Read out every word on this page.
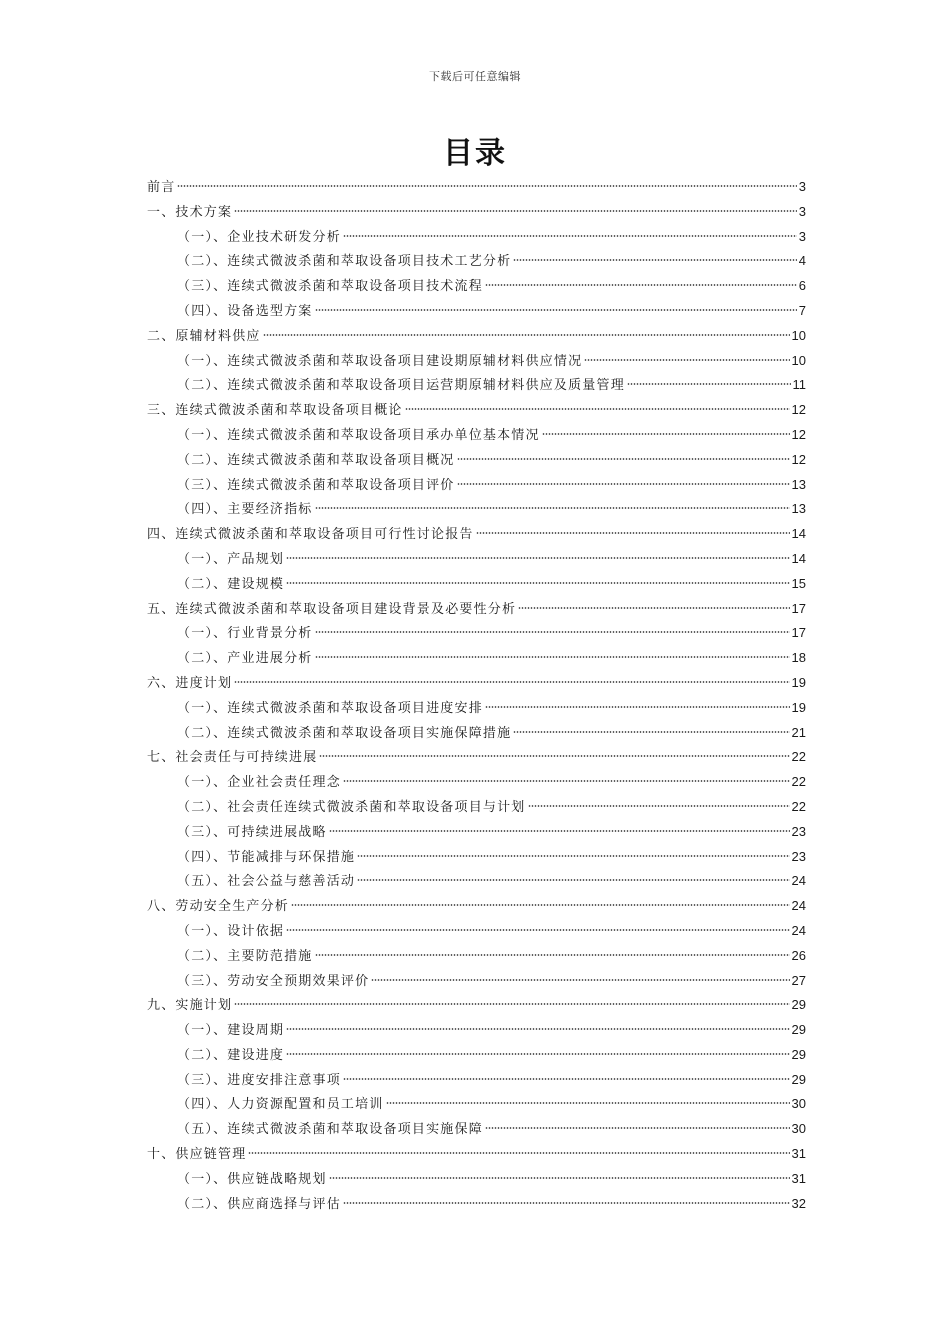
下载后可任意编辑
目录
前言	3
一、技术方案	3
（一）、企业技术研发分析	3
（二）、连续式微波杀菌和萃取设备项目技术工艺分析	4
（三）、连续式微波杀菌和萃取设备项目技术流程	6
（四）、设备选型方案	7
二、原辅材料供应	10
（一）、连续式微波杀菌和萃取设备项目建设期原辅材料供应情况	10
（二）、连续式微波杀菌和萃取设备项目运营期原辅材料供应及质量管理	11
三、连续式微波杀菌和萃取设备项目概论	12
（一）、连续式微波杀菌和萃取设备项目承办单位基本情况	12
（二）、连续式微波杀菌和萃取设备项目概况	12
（三）、连续式微波杀菌和萃取设备项目评价	13
（四）、主要经济指标	13
四、连续式微波杀菌和萃取设备项目可行性讨论报告	14
（一）、产品规划	14
（二）、建设规模	15
五、连续式微波杀菌和萃取设备项目建设背景及必要性分析	17
（一）、行业背景分析	17
（二）、产业进展分析	18
六、进度计划	19
（一）、连续式微波杀菌和萃取设备项目进度安排	19
（二）、连续式微波杀菌和萃取设备项目实施保障措施	21
七、社会责任与可持续进展	22
（一）、企业社会责任理念	22
（二）、社会责任连续式微波杀菌和萃取设备项目与计划	22
（三）、可持续进展战略	23
（四）、节能减排与环保措施	23
（五）、社会公益与慈善活动	24
八、劳动安全生产分析	24
（一）、设计依据	24
（二）、主要防范措施	26
（三）、劳动安全预期效果评价	27
九、实施计划	29
（一）、建设周期	29
（二）、建设进度	29
（三）、进度安排注意事项	29
（四）、人力资源配置和员工培训	30
（五）、连续式微波杀菌和萃取设备项目实施保障	30
十、供应链管理	31
（一）、供应链战略规划	31
（二）、供应商选择与评估	32
